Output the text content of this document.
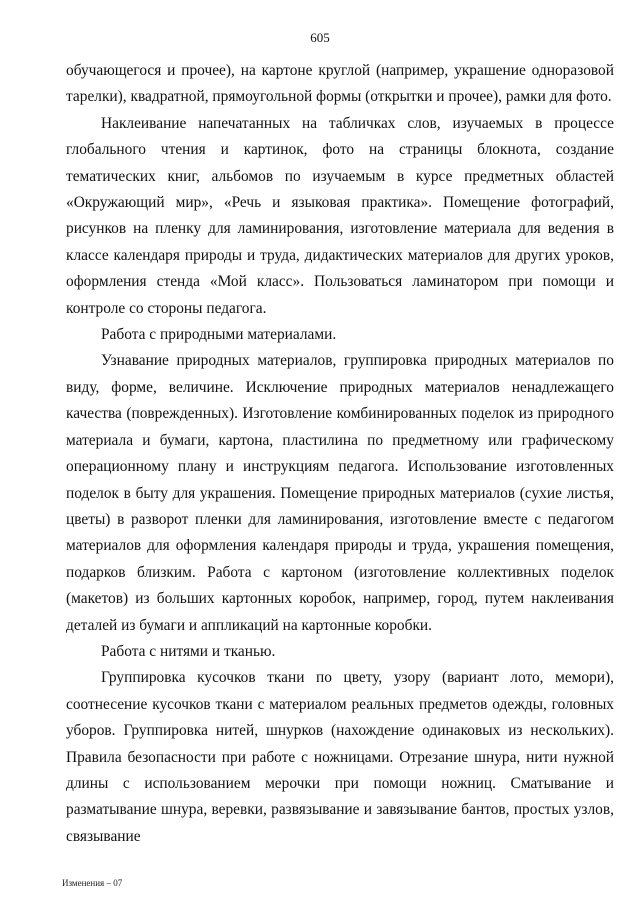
605

обучающегося и прочее), на картоне круглой (например, украшение одноразовой тарелки), квадратной, прямоугольной формы (открытки и прочее), рамки для фото.

Наклеивание напечатанных на табличках слов, изучаемых в процессе глобального чтения и картинок, фото на страницы блокнота, создание тематических книг, альбомов по изучаемым в курсе предметных областей «Окружающий мир», «Речь и языковая практика». Помещение фотографий, рисунков на пленку для ламинирования, изготовление материала для ведения в классе календаря природы и труда, дидактических материалов для других уроков, оформления стенда «Мой класс». Пользоваться ламинатором при помощи и контроле со стороны педагога.

Работа с природными материалами.

Узнавание природных материалов, группировка природных материалов по виду, форме, величине. Исключение природных материалов ненадлежащего качества (поврежденных). Изготовление комбинированных поделок из природного материала и бумаги, картона, пластилина по предметному или графическому операционному плану и инструкциям педагога. Использование изготовленных поделок в быту для украшения. Помещение природных материалов (сухие листья, цветы) в разворот пленки для ламинирования, изготовление вместе с педагогом материалов для оформления календаря природы и труда, украшения помещения, подарков близким. Работа с картоном (изготовление коллективных поделок (макетов) из больших картонных коробок, например, город, путем наклеивания деталей из бумаги и аппликаций на картонные коробки.

Работа с нитями и тканью.

Группировка кусочков ткани по цвету, узору (вариант лото, мемори), соотнесение кусочков ткани с материалом реальных предметов одежды, головных уборов. Группировка нитей, шнурков (нахождение одинаковых из нескольких). Правила безопасности при работе с ножницами. Отрезание шнура, нити нужной длины с использованием мерочки при помощи ножниц. Сматывание и разматывание шнура, веревки, развязывание и завязывание бантов, простых узлов, связывание

Изменения – 07
